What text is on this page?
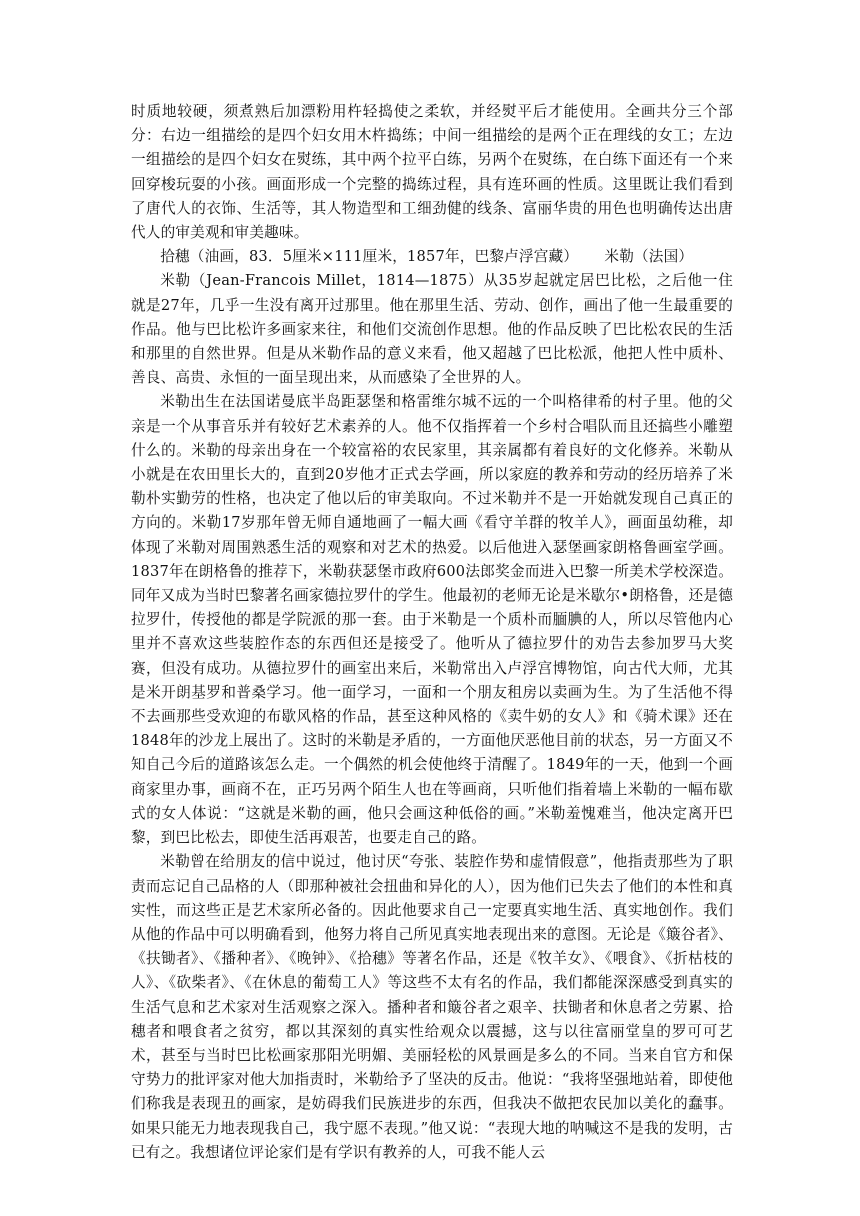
时质地较硬，须煮熟后加漂粉用杵轻捣使之柔软，并经熨平后才能使用。全画共分三个部分：右边一组描绘的是四个妇女用木杵捣练；中间一组描绘的是两个正在理线的女工；左边一组描绘的是四个妇女在熨练，其中两个拉平白练，另两个在熨练，在白练下面还有一个来回穿梭玩耍的小孩。画面形成一个完整的捣练过程，具有连环画的性质。这里既让我们看到了唐代人的衣饰、生活等，其人物造型和工细劲健的线条、富丽华贵的用色也明确传达出唐代人的审美观和审美趣味。

拾穗（油画，83．5厘米×111厘米，1857年，巴黎卢浮宫藏） 米勒（法国）

米勒（Jean-Francois Millet，1814—1875）从35岁起就定居巴比松，之后他一住就是27年，几乎一生没有离开过那里。他在那里生活、劳动、创作，画出了他一生最重要的作品。他与巴比松许多画家来往，和他们交流创作思想。他的作品反映了巴比松农民的生活和那里的自然世界。但是从米勒作品的意义来看，他又超越了巴比松派，他把人性中质朴、善良、高贵、永恒的一面呈现出来，从而感染了全世界的人。

米勒出生在法国诺曼底半岛距瑟堡和格雷维尔城不远的一个叫格律希的村子里。他的父亲是一个从事音乐并有较好艺术素养的人。他不仅指挥着一个乡村合唱队而且还搞些小雕塑什么的。米勒的母亲出身在一个较富裕的农民家里，其亲属都有着良好的文化修养。米勒从小就是在农田里长大的，直到20岁他才正式去学画，所以家庭的教养和劳动的经历培养了米勒朴实勤劳的性格，也决定了他以后的审美取向。不过米勒并不是一开始就发现自己真正的方向的。米勒17岁那年曾无师自通地画了一幅大画《看守羊群的牧羊人》，画面虽幼稚，却体现了米勒对周围熟悉生活的观察和对艺术的热爱。以后他进入瑟堡画家朗格鲁画室学画。1837年在朗格鲁的推荐下，米勒获瑟堡市政府600法郎奖金而进入巴黎一所美术学校深造。同年又成为当时巴黎著名画家德拉罗什的学生。他最初的老师无论是米歇尔•朗格鲁，还是德拉罗什，传授他的都是学院派的那一套。由于米勒是一个质朴而腼腆的人，所以尽管他内心里并不喜欢这些装腔作态的东西但还是接受了。他听从了德拉罗什的劝告去参加罗马大奖赛，但没有成功。从德拉罗什的画室出来后，米勒常出入卢浮宫博物馆，向古代大师，尤其是米开朗基罗和普桑学习。他一面学习，一面和一个朋友租房以卖画为生。为了生活他不得不去画那些受欢迎的布歇风格的作品，甚至这种风格的《卖牛奶的女人》和《骑术课》还在1848年的沙龙上展出了。这时的米勒是矛盾的，一方面他厌恶他目前的状态，另一方面又不知自己今后的道路该怎么走。一个偶然的机会使他终于清醒了。1849年的一天，他到一个画商家里办事，画商不在，正巧另两个陌生人也在等画商，只听他们指着墙上米勒的一幅布歇式的女人体说：“这就是米勒的画，他只会画这种低俗的画。”米勒羞愧难当，他决定离开巴黎，到巴比松去，即使生活再艰苦，也要走自己的路。

米勒曾在给朋友的信中说过，他讨厌“夸张、装腔作势和虚情假意”，他指责那些为了职责而忘记自己品格的人（即那种被社会扭曲和异化的人），因为他们已失去了他们的本性和真实性，而这些正是艺术家所必备的。因此他要求自己一定要真实地生活、真实地创作。我们从他的作品中可以明确看到，他努力将自己所见真实地表现出来的意图。无论是《簸谷者》、《扶锄者》、《播种者》、《晚钟》、《拾穗》等著名作品，还是《牧羊女》、《喂食》、《折枯枝的人》、《砍柴者》、《在休息的葡萄工人》等这些不太有名的作品，我们都能深深感受到真实的生活气息和艺术家对生活观察之深入。播种者和簸谷者之艰辛、扶锄者和休息者之劳累、拾穗者和喂食者之贫穷，都以其深刻的真实性给观众以震撼，这与以往富丽堂皇的罗可可艺术，甚至与当时巴比松画家那阳光明媚、美丽轻松的风景画是多么的不同。当来自官方和保守势力的批评家对他大加指责时，米勒给予了坚决的反击。他说：“我将坚强地站着，即使他们称我是表现丑的画家，是妨碍我们民族进步的东西，但我决不做把农民加以美化的蠢事。如果只能无力地表现我自己，我宁愿不表现。”他又说：“表现大地的呐喊这不是我的发明，古已有之。我想诸位评论家们是有学识有教养的人，可我不能人云
